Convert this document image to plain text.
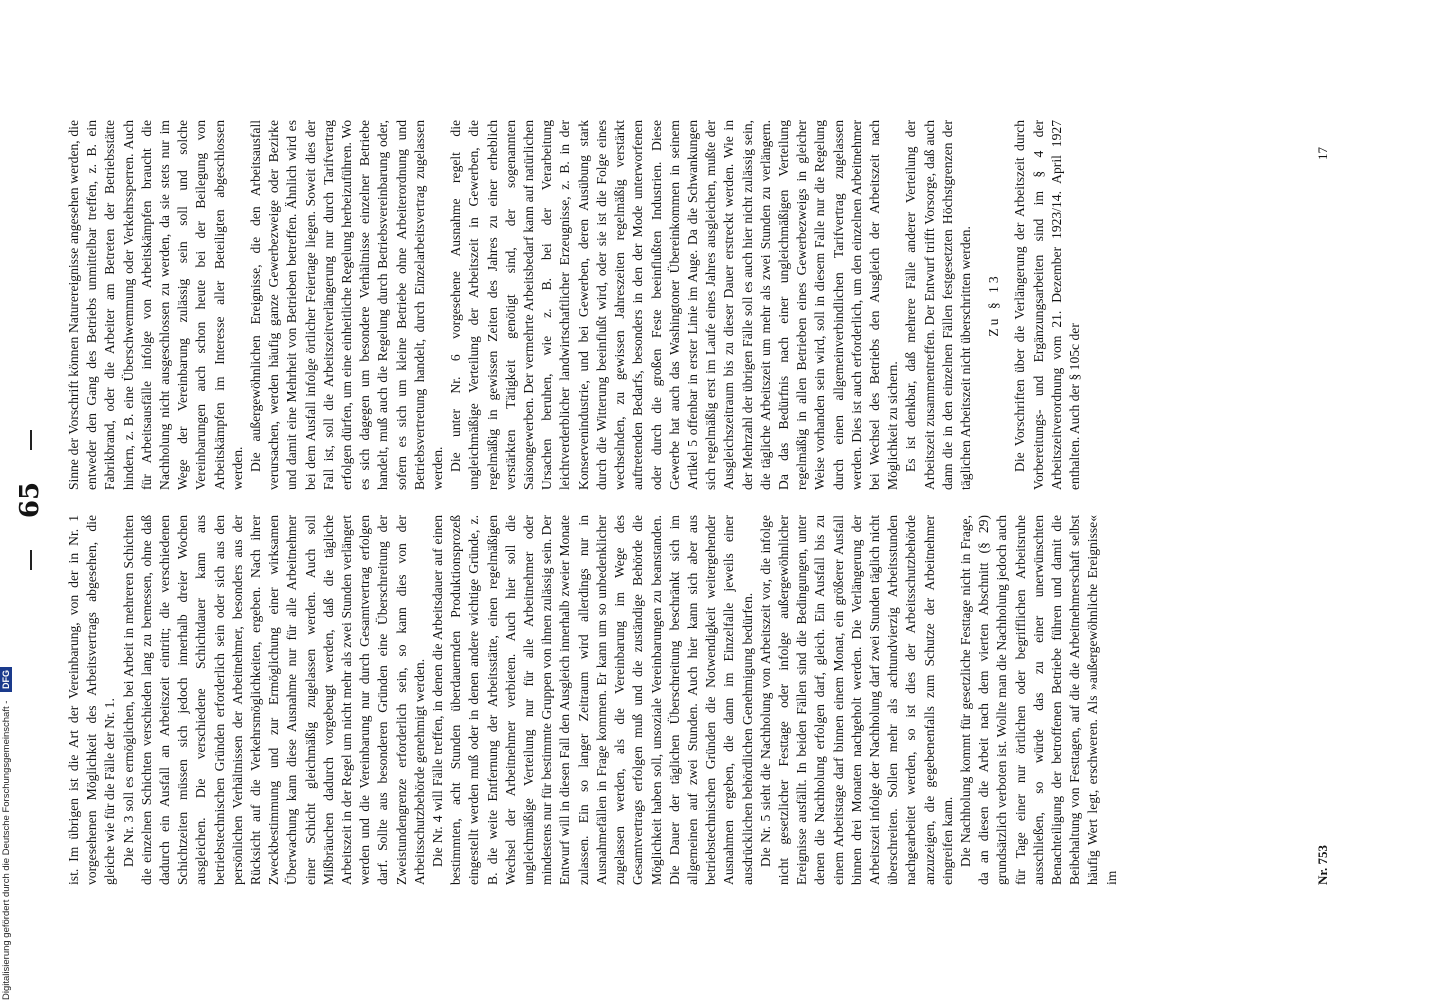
Digitalisierung gefördert durch die Deutsche Forschungsgemeinschaft - DFG
65

ist. Im übrigen ist die Art der Vereinbarung, von der in Nr. 1 vorgesehenen Möglichkeit des Arbeitsvertrags abgesehen, die gleiche wie für die Fälle der Nr. 1. Die Nr. 3 soll es ermöglichen, bei Arbeit in mehreren Schichten die einzelnen Schichten verschieden lang zu bemessen, ohne daß dadurch ein Ausfall an Arbeitszeit eintritt; die verschiedenen Schichtzeiten müssen sich jedoch innerhalb dreier Wochen ausgleichen. Die verschiedene Schichtdauer kann aus betriebstechnischen Gründen erforderlich sein oder sich aus den persönlichen Verhältnissen der Arbeitnehmer, besonders aus der Rücksicht auf die Verkehrsmöglichkeiten, ergeben. Nach ihrer Zweckbestimmung und zur Ermöglichung einer wirksamen Überwachung kann diese Ausnahme nur für alle Arbeitnehmer einer Schicht gleichmäßig zugelassen werden. Auch soll Mißbräuchen dadurch vorgebeugt werden, daß die tägliche Arbeitszeit in der Regel um nicht mehr als zwei Stunden verlängert werden und die Vereinbarung nur durch Gesamtvertrag erfolgen darf. Sollte aus besonderen Gründen eine Überschreitung der Zweistundengrenze erforderlich sein, so kann dies von der Arbeitsschutzbehörde genehmigt werden. Die Nr. 4 will Fälle treffen, in denen die Arbeitsdauer auf einen bestimmten, acht Stunden überdauernden Produktionsprozeß eingestellt werden muß oder in denen andere wichtige Gründe, z. B. die weite Entfernung der Arbeitsstätte, einen regelmäßigen Wechsel der Arbeitnehmer verbieten. Auch hier soll die ungleichmäßige Verteilung nur für alle Arbeitnehmer oder mindestens nur für bestimmte Gruppen von ihnen zulässig sein. Der Entwurf will in diesen Fall den Ausgleich innerhalb zweier Monate zulassen. Ein so langer Zeitraum wird allerdings nur in Ausnahmefällen in Frage kommen. Er kann um so unbedenklicher zugelassen werden, als die Vereinbarung im Wege des Gesamtvertrags erfolgen muß und die zuständige Behörde die Möglichkeit haben soll, unsoziale Vereinbarungen zu beanstanden. Die Dauer der täglichen Überschreitung beschränkt sich im allgemeinen auf zwei Stunden. Auch hier kann sich aber aus betriebstechnischen Gründen die Notwendigkeit weitergehender Ausnahmen ergeben, die dann im Einzelfalle jeweils einer ausdrücklichen behördlichen Genehmigung bedürfen. Die Nr. 5 sieht die Nachholung von Arbeitszeit vor, die infolge nicht gesetzlicher Festtage oder infolge außergewöhnlicher Ereignisse ausfällt. In beiden Fällen sind die Bedingungen, unter denen die Nachholung erfolgen darf, gleich. Ein Ausfall bis zu einem Arbeitstage darf binnen einem Monat, ein größerer Ausfall binnen drei Monaten nachgeholt werden. Die Verlängerung der Arbeitszeit infolge der Nachholung darf zwei Stunden täglich nicht überschreiten. Sollen mehr als achtundvierzig Arbeitsstunden nachgearbeitet werden, so ist dies der Arbeitsschutzbehörde anzuzeigen, die gegebenenfalls zum Schutze der Arbeitnehmer eingreifen kann. Die Nachholung kommt für gesetzliche Festtage nicht in Frage, da an diesen die Arbeit nach dem vierten Abschnitt (§ 29) grundsätzlich verboten ist. Wollte man die Nachholung jedoch auch für Tage einer nur örtlichen oder begrifflichen Arbeitsruhe ausschließen, so würde das zu einer unerwünschten Benachteiligung der betroffenen Betriebe führen und damit die Beibehaltung von Festtagen, auf die die Arbeitnehmerschaft selbst häufig Wert legt, erschweren. Als »außergewöhnliche Ereignisse« im

Sinne der Vorschrift können Naturereignisse angesehen werden, die entweder den Gang des Betriebs unmittelbar treffen, z. B. ein Fabrikbrand, oder die Arbeiter am Betreten der Betriebsstätte hindern, z. B. eine Überschwemmung oder Verkehrssperren. Auch für Arbeitsausfälle infolge von Arbeitskämpfen braucht die Nachholung nicht ausgeschlossen zu werden, da sie stets nur im Wege der Vereinbarung zulässig sein soll und solche Vereinbarungen auch schon heute bei der Beilegung von Arbeitskämpfen im Interesse aller Beteiligten abgeschlossen werden. Die außergewöhnlichen Ereignisse, die den Arbeitsausfall verursachen, werden häufig ganze Gewerbezweige oder Bezirke und damit eine Mehrheit von Betrieben betreffen. Ähnlich wird es bei dem Ausfall infolge örtlicher Feiertage liegen. Soweit dies der Fall ist, soll die Arbeitszeitverlängerung nur durch Tarifvertrag erfolgen dürfen, um eine einheitliche Regelung herbeizuführen. Wo es sich dagegen um besondere Verhältnisse einzelner Betriebe handelt, muß auch die Regelung durch Betriebsvereinbarung oder, sofern es sich um kleine Betriebe ohne Arbeiterordnung und Betriebsvertretung handelt, durch Einzelarbeitsvertrag zugelassen werden. Die unter Nr. 6 vorgesehene Ausnahme regelt die ungleichmäßige Verteilung der Arbeitszeit in Gewerben, die regelmäßig in gewissen Zeiten des Jahres zu einer erheblich verstärkten Tätigkeit genötigt sind, der sogenannten Saisongewerben. Der vermehrte Arbeitsbedarf kann auf natürlichen Ursachen beruhen, wie z. B. bei der Verarbeitung leichtverderblicher landwirtschaftlicher Erzeugnisse, z. B. in der Konservenindustrie, und bei Gewerben, deren Ausübung stark durch die Witterung beeinflußt wird, oder sie ist die Folge eines wechselnden, zu gewissen Jahreszeiten regelmäßig verstärkt auftretenden Bedarfs, besonders in den der Mode unterworfenen oder durch die großen Feste beeinflußten Industrien. Diese Gewerbe hat auch das Washingtoner Übereinkommen in seinem Artikel 5 offenbar in erster Linie im Auge. Da die Schwankungen sich regelmäßig erst im Laufe eines Jahres ausgleichen, mußte der Ausgleichszeitraum bis zu dieser Dauer erstreckt werden. Wie in der Mehrzahl der übrigen Fälle soll es auch hier nicht zulässig sein, die tägliche Arbeitszeit um mehr als zwei Stunden zu verlängern. Da das Bedürfnis nach einer ungleichmäßigen Verteilung regelmäßig in allen Betrieben eines Gewerbezweigs in gleicher Weise vorhanden sein wird, soll in diesem Falle nur die Regelung durch einen allgemeinverbindlichen Tarifvertrag zugelassen werden. Dies ist auch erforderlich, um den einzelnen Arbeitnehmer bei Wechsel des Betriebs den Ausgleich der Arbeitszeit nach Möglichkeit zu sichern. Es ist denkbar, daß mehrere Fälle anderer Verteilung der Arbeitszeit zusammentreffen. Der Entwurf trifft Vorsorge, daß auch dann die in den einzelnen Fällen festgesetzten Höchstgrenzen der täglichen Arbeitszeit nicht überschritten werden. Zu § 13 Die Vorschriften über die Verlängerung der Arbeitszeit durch Vorbereitungs- und Ergänzungsarbeiten sind im § 4 der Arbeitszeitverordnung vom 21. Dezember 1923/14. April 1927 enthalten. Auch der § 105c der

Nr. 753
17
